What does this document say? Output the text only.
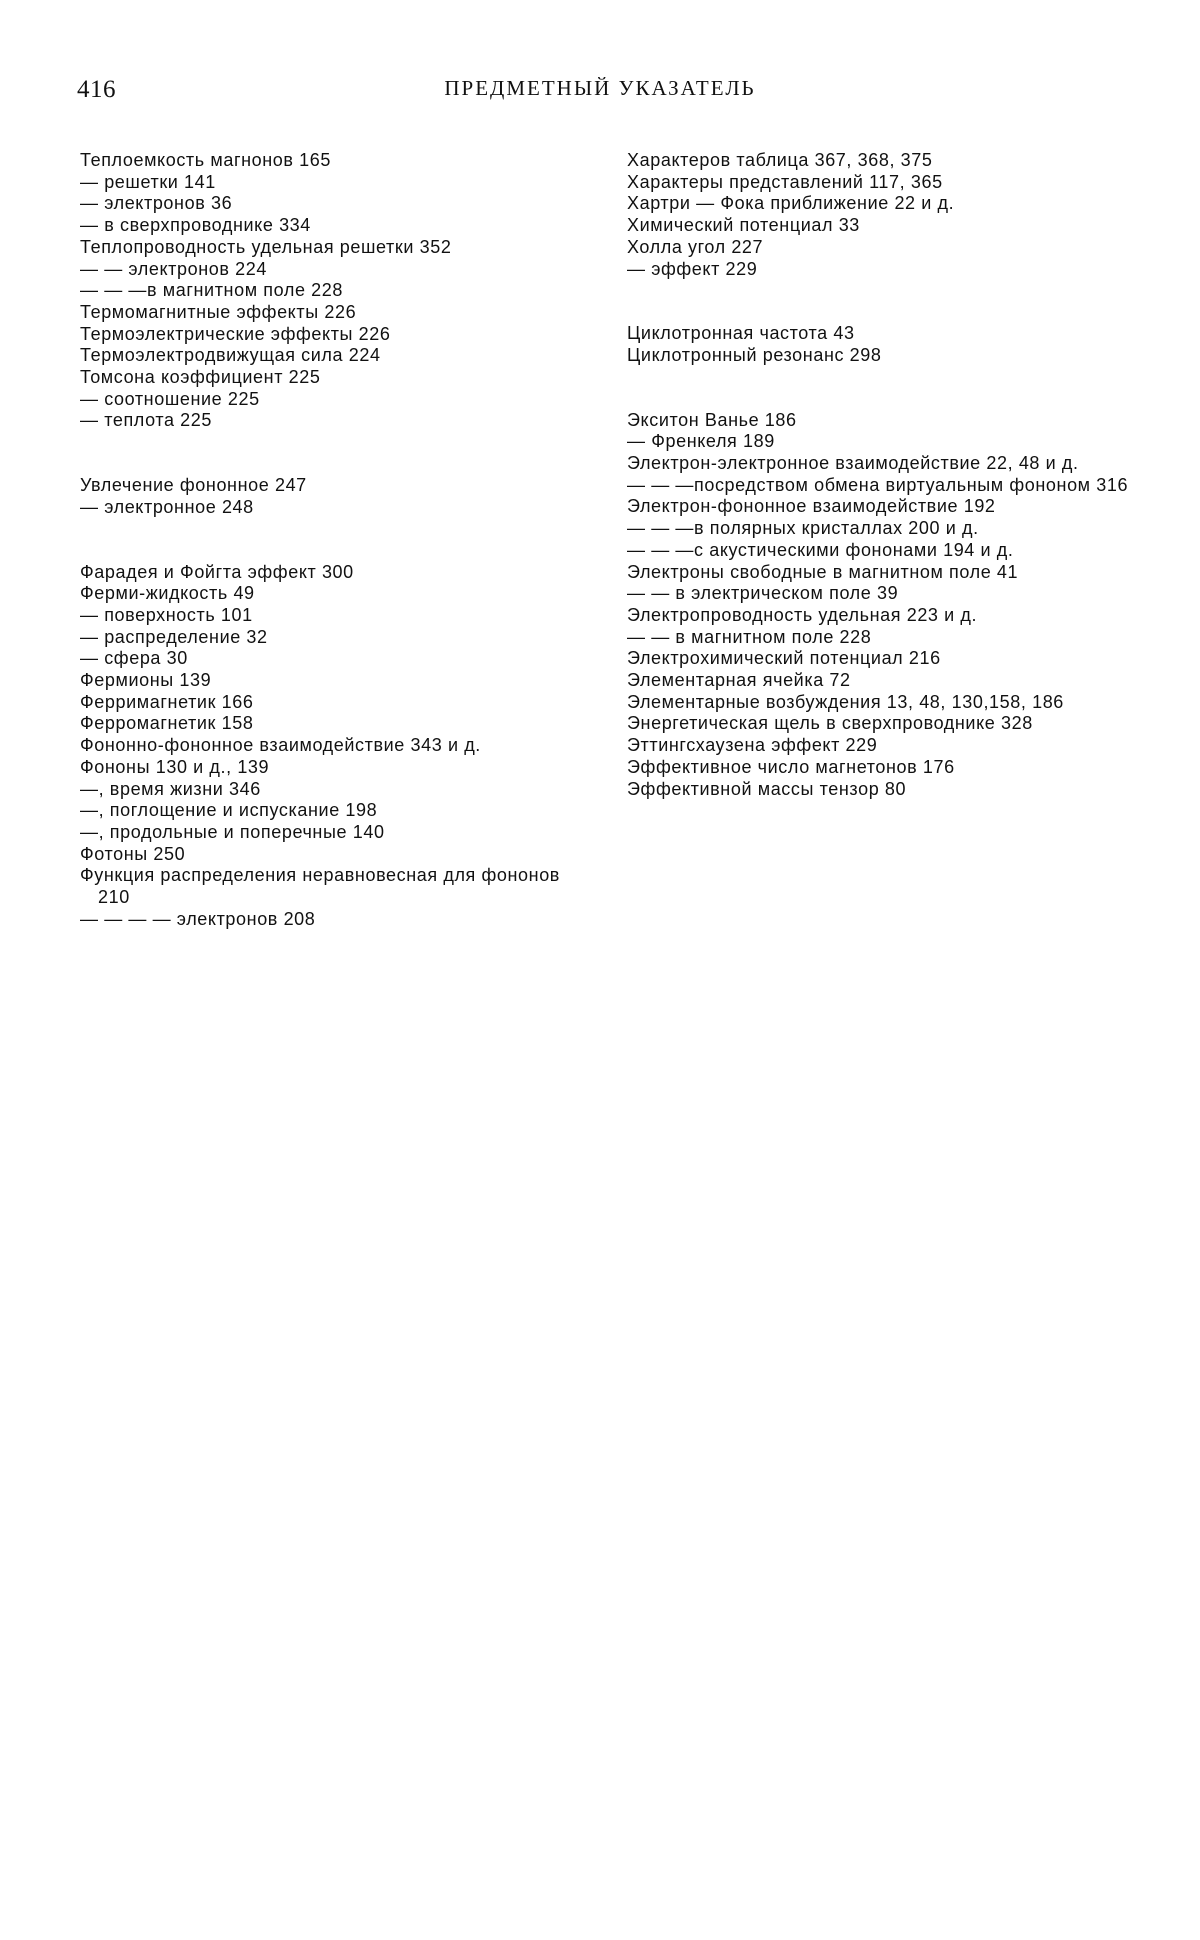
416	ПРЕДМЕТНЫЙ УКАЗАТЕЛЬ
Теплоемкость магнонов 165
— решетки 141
— электронов 36
— в сверхпроводнике 334
Теплопроводность удельная решетки 352
— — электронов 224
— — —в магнитном поле 228
Термомагнитные эффекты 226
Термоэлектрические эффекты 226
Термоэлектродвижущая сила 224
Томсона коэффициент 225
— соотношение 225
— теплота 225
Увлечение фононное 247
— электронное 248
Фарадея и Фойгта эффект 300
Ферми-жидкость 49
— поверхность 101
— распределение 32
— сфера 30
Фермионы 139
Ферримагнетик 166
Ферромагнетик 158
Фононно-фононное взаимодействие 343 и д.
Фононы 130 и д., 139
—, время жизни 346
—, поглощение и испускание 198
—, продольные и поперечные 140
Фотоны 250
Функция распределения неравновесная для фононов 210
— — — — электронов 208
Характеров таблица 367, 368, 375
Характеры представлений 117, 365
Хартри — Фока приближение 22 и д.
Химический потенциал 33
Холла угол 227
— эффект 229
Циклотронная частота 43
Циклотронный резонанс 298
Экситон Ванье 186
— Френкеля 189
Электрон-электронное взаимодействие 22, 48 и д.
— — —посредством обмена виртуальным фононом 316
Электрон-фононное взаимодействие 192
— — —в полярных кристаллах 200 и д.
— — —с акустическими фононами 194 и д.
Электроны свободные в магнитном поле 41
— — в электрическом поле 39
Электропроводность удельная 223 и д.
— — в магнитном поле 228
Электрохимический потенциал 216
Элементарная ячейка 72
Элементарные возбуждения 13, 48, 130,158, 186
Энергетическая щель в сверхпроводнике 328
Эттингсхаузена эффект 229
Эффективное число магнетонов 176
Эффективной массы тензор 80
